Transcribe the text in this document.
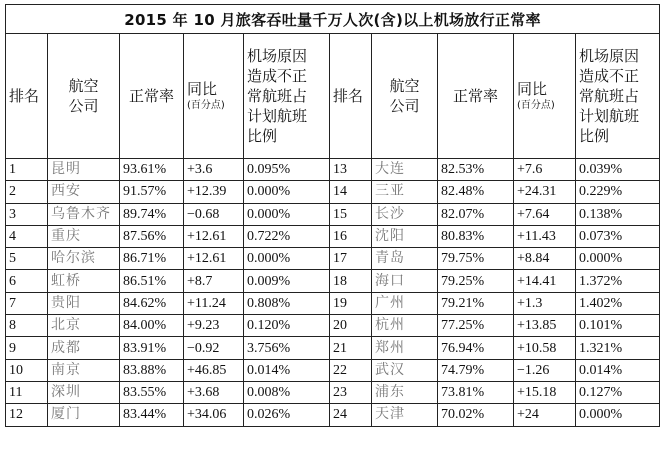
2015 年 10 月旅客吞吐量千万人次(含)以上机场放行正常率									
排名	航空
公司	正常率	同比
(百分点)	机场原因
造成不正
常航班占
计划航班
比例	排名	航空
公司	正常率	同比
(百分点)	机场原因
造成不正
常航班占
计划航班
比例
1	昆明	93.61%	+3.6	0.095%	13	大连	82.53%	+7.6	0.039%
2	西安	91.57%	+12.39	0.000%	14	三亚	82.48%	+24.31	0.229%
3	乌鲁木齐	89.74%	−0.68	0.000%	15	长沙	82.07%	+7.64	0.138%
4	重庆	87.56%	+12.61	0.722%	16	沈阳	80.83%	+11.43	0.073%
5	哈尔滨	86.71%	+12.61	0.000%	17	青岛	79.75%	+8.84	0.000%
6	虹桥	86.51%	+8.7	0.009%	18	海口	79.25%	+14.41	1.372%
7	贵阳	84.62%	+11.24	0.808%	19	广州	79.21%	+1.3	1.402%
8	北京	84.00%	+9.23	0.120%	20	杭州	77.25%	+13.85	0.101%
9	成都	83.91%	−0.92	3.756%	21	郑州	76.94%	+10.58	1.321%
10	南京	83.88%	+46.85	0.014%	22	武汉	74.79%	−1.26	0.014%
11	深圳	83.55%	+3.68	0.008%	23	浦东	73.81%	+15.18	0.127%
12	厦门	83.44%	+34.06	0.026%	24	天津	70.02%	+24	0.000%
